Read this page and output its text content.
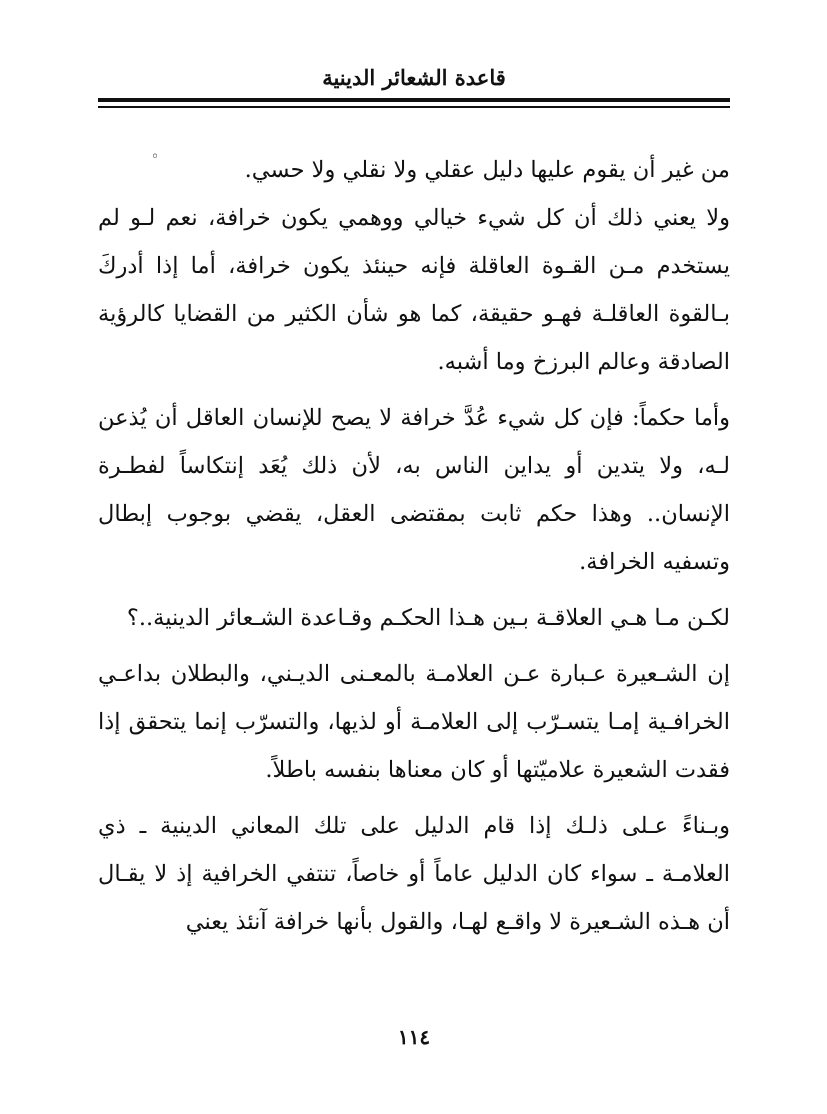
قاعدة الشعائر الدينية
◦	من غير أن يقوم عليها دليل عقلي ولا نقلي ولا حسي.

ولا يعني ذلك أن كل شيء خيالي ووهمي يكون خرافة، نعم لـو لم يستخدم مـن القـوة العاقلة فإنه حينئذ يكون خرافة، أما إذا أدركَ بـالقوة العاقلـة فهـو حقيقة، كما هو شأن الكثير من القضايا كالرؤية الصادقة وعالم البرزخ وما أشبه.

وأما حكماً: فإن كل شيء عُدَّ خرافة لا يصح للإنسان العاقل أن يُذعن لـه، ولا يتدين أو يداين الناس به، لأن ذلك يُعَد إنتكاساً لفطـرة الإنسان.. وهذا حكم ثابت بمقتضى العقل، يقضي بوجوب إبطال وتسفيه الخرافة.

لكـن مـا هـي العلاقـة بـين هـذا الحكـم وقـاعدة الشـعائر الدينية..؟

إن الشـعيرة عـبارة عـن العلامـة بالمعـنى الديـني، والبطلان بداعـي الخرافـية إمـا يتسـرّب إلى العلامـة أو لذيها، والتسرّب إنما يتحقق إذا فقدت الشعيرة علاميّتها أو كان معناها بنفسه باطلاً.

وبـناءً عـلى ذلـك إذا قام الدليل على تلك المعاني الدينية ـ ذي العلامـة ـ سواء كان الدليل عاماً أو خاصاً، تنتفي الخرافية إذ لا يقـال أن هـذه الشـعيرة لا واقـع لهـا، والقول بأنها خرافة آنئذ يعني

١١٤
